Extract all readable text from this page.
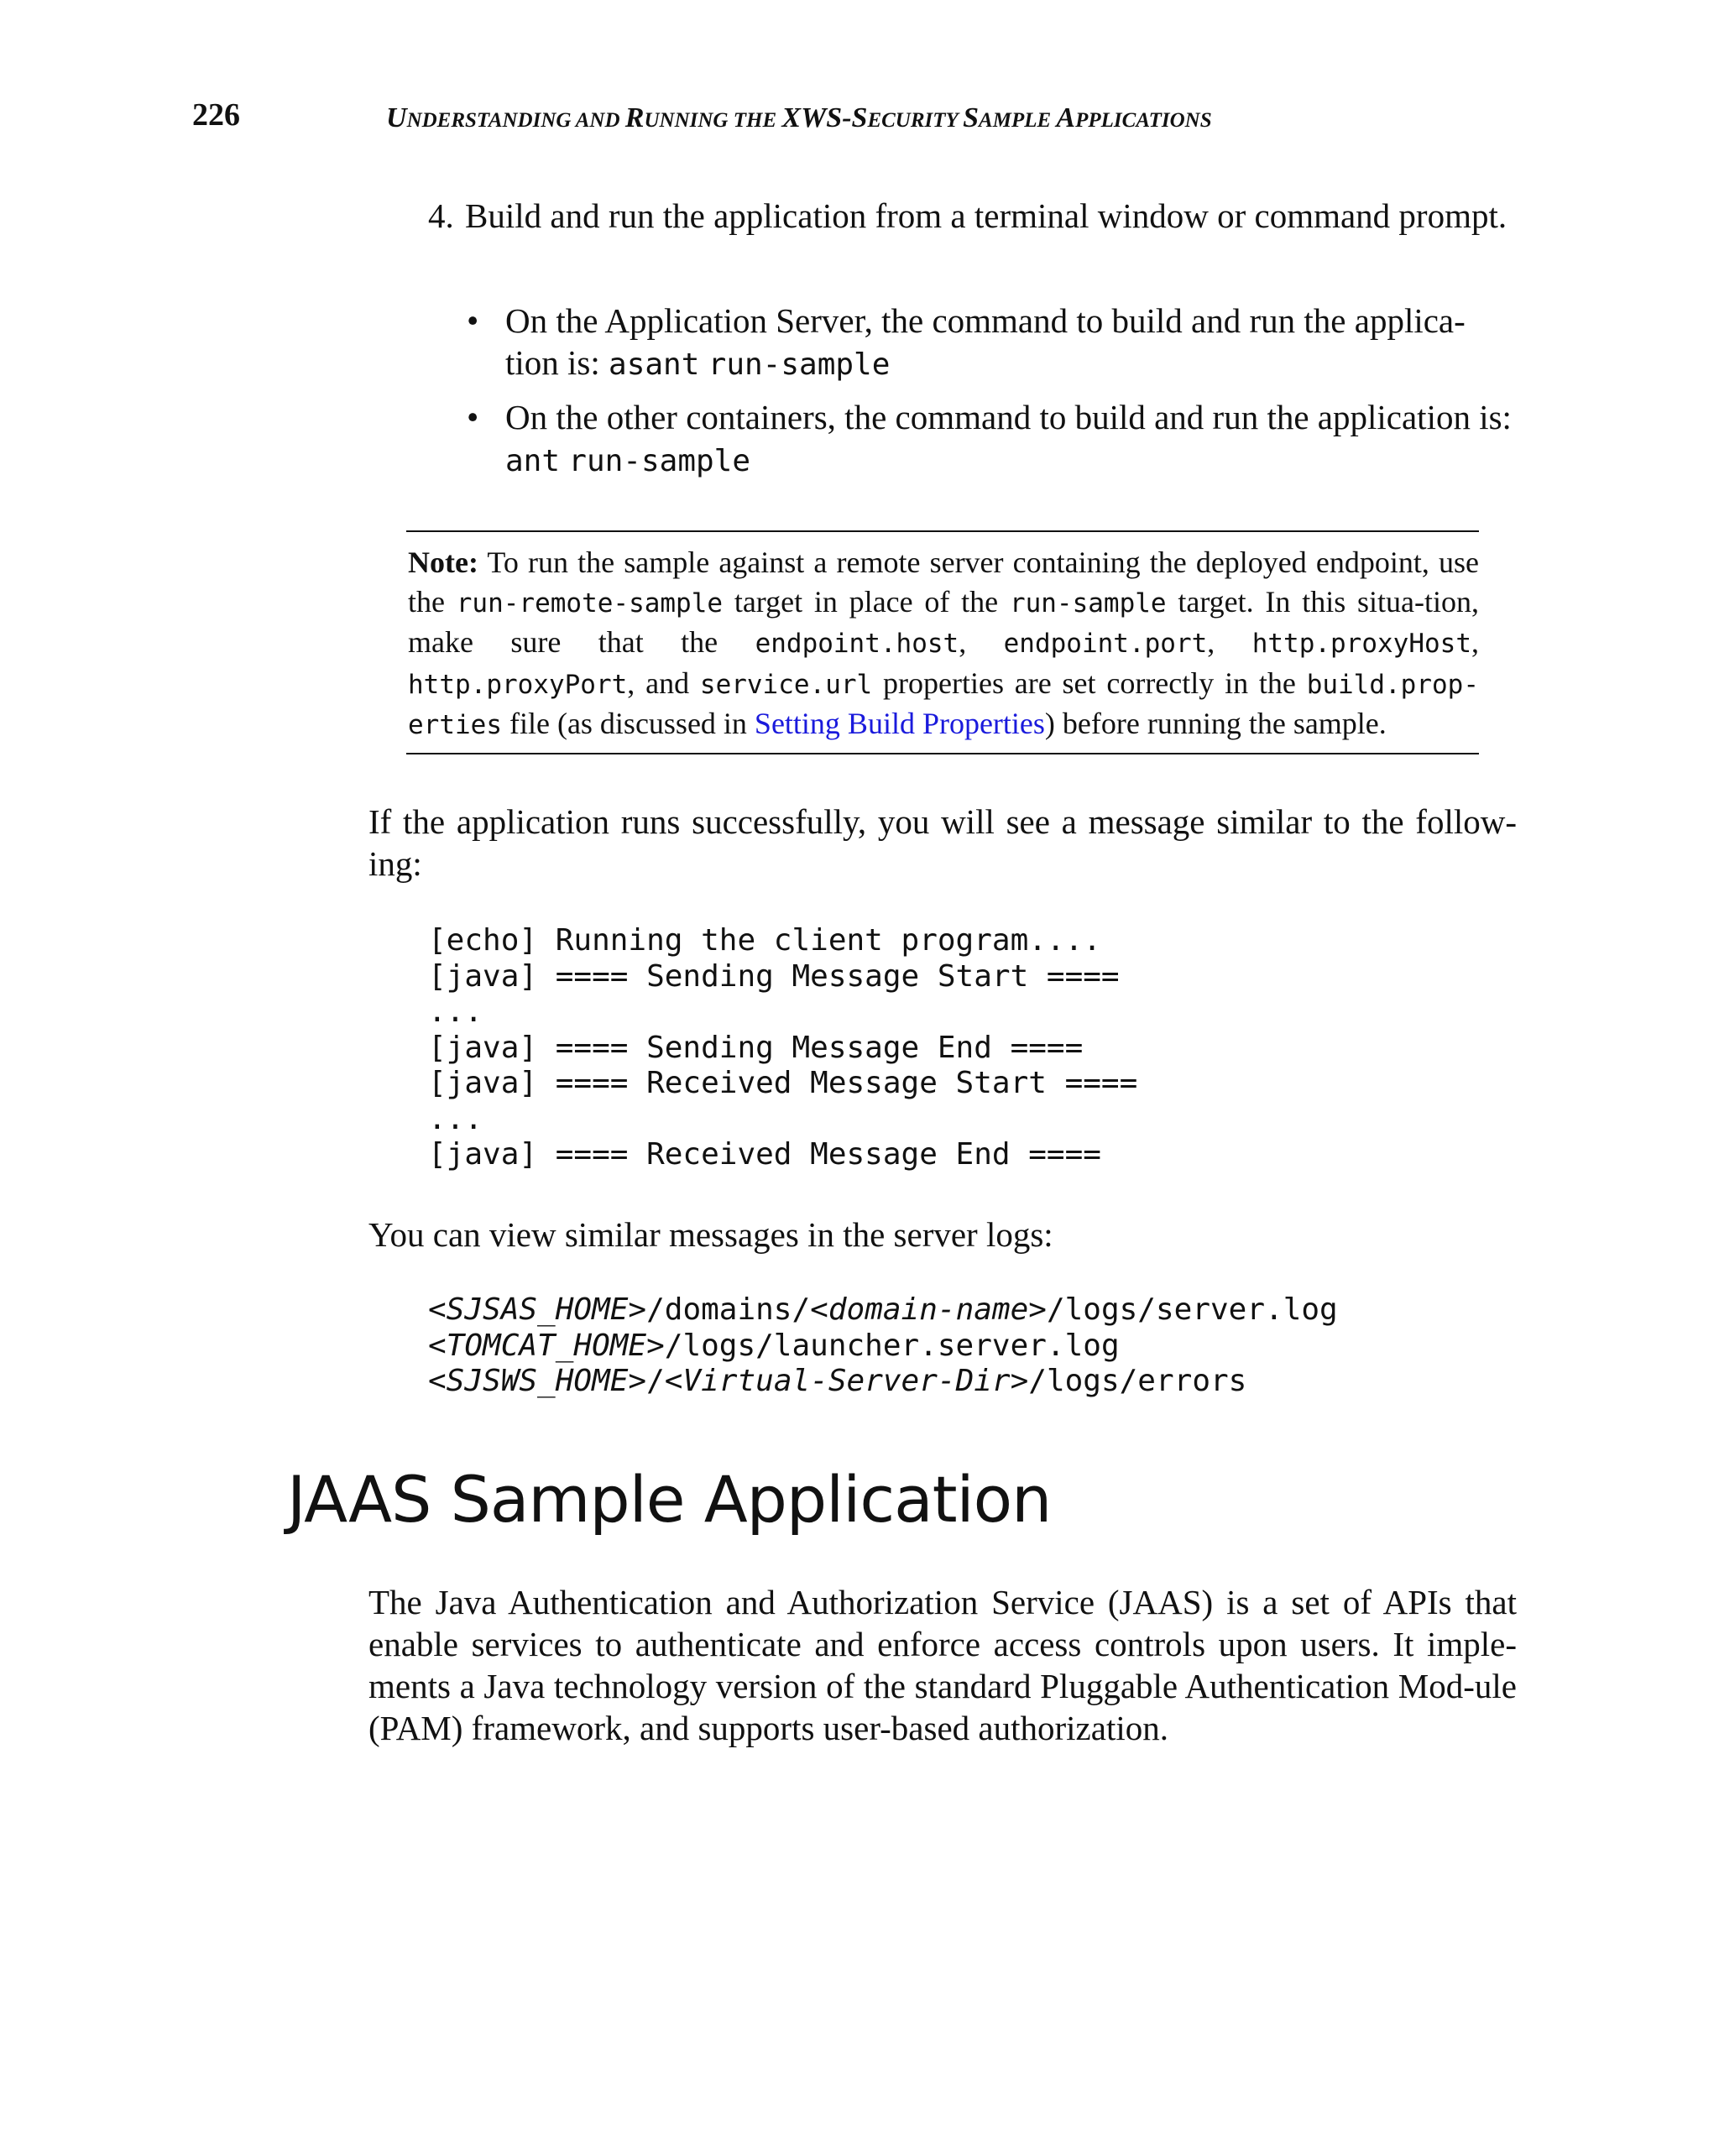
226	UNDERSTANDING AND RUNNING THE XWS-SECURITY SAMPLE APPLICATIONS
4. Build and run the application from a terminal window or command prompt.
• On the Application Server, the command to build and run the applica-tion is: asant run-sample
• On the other containers, the command to build and run the application is: ant run-sample
Note: To run the sample against a remote server containing the deployed endpoint, use the run-remote-sample target in place of the run-sample target. In this situa-tion, make sure that the endpoint.host, endpoint.port, http.proxyHost, http.proxyPort, and service.url properties are set correctly in the build.prop-erties file (as discussed in Setting Build Properties) before running the sample.
If the application runs successfully, you will see a message similar to the follow-ing:
[echo] Running the client program....
[java] ==== Sending Message Start ====
...
[java] ==== Sending Message End ====
[java] ==== Received Message Start ====
...
[java] ==== Received Message End ====
You can view similar messages in the server logs:
<SJSAS_HOME>/domains/<domain-name>/logs/server.log
<TOMCAT_HOME>/logs/launcher.server.log
<SJSWS_HOME>/<Virtual-Server-Dir>/logs/errors
JAAS Sample Application
The Java Authentication and Authorization Service (JAAS) is a set of APIs that enable services to authenticate and enforce access controls upon users. It imple-ments a Java technology version of the standard Pluggable Authentication Mod-ule (PAM) framework, and supports user-based authorization.
